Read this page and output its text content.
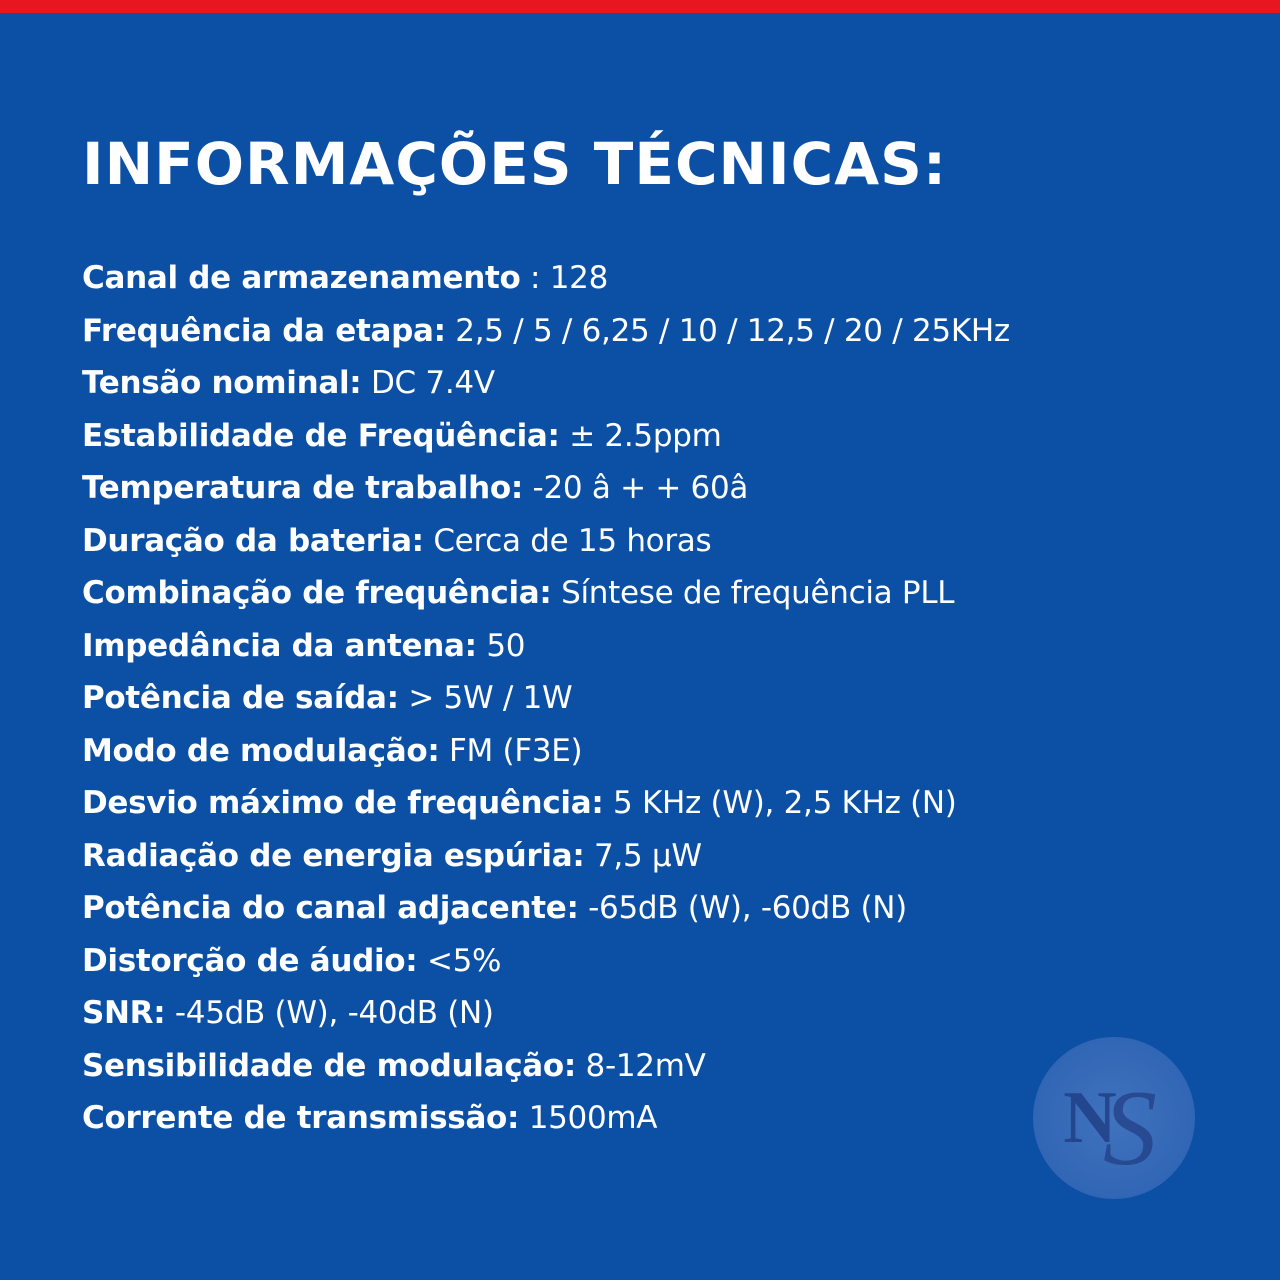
INFORMAÇÕES TÉCNICAS:
Canal de armazenamento : 128
Frequência da etapa: 2,5 / 5 / 6,25 / 10 / 12,5 / 20 / 25KHz
Tensão nominal: DC 7.4V
Estabilidade de Freqüência: ± 2.5ppm
Temperatura de trabalho: -20 â + + 60â
Duração da bateria: Cerca de 15 horas
Combinação de frequência: Síntese de frequência PLL
Impedância da antena: 50
Potência de saída: > 5W / 1W
Modo de modulação: FM (F3E)
Desvio máximo de frequência: 5 KHz (W), 2,5 KHz (N)
Radiação de energia espúria: 7,5 μW
Potência do canal adjacente: -65dB (W), -60dB (N)
Distorção de áudio: <5%
SNR: -45dB (W), -40dB (N)
Sensibilidade de modulação: 8-12mV
Corrente de transmissão: 1500mA	N
S
